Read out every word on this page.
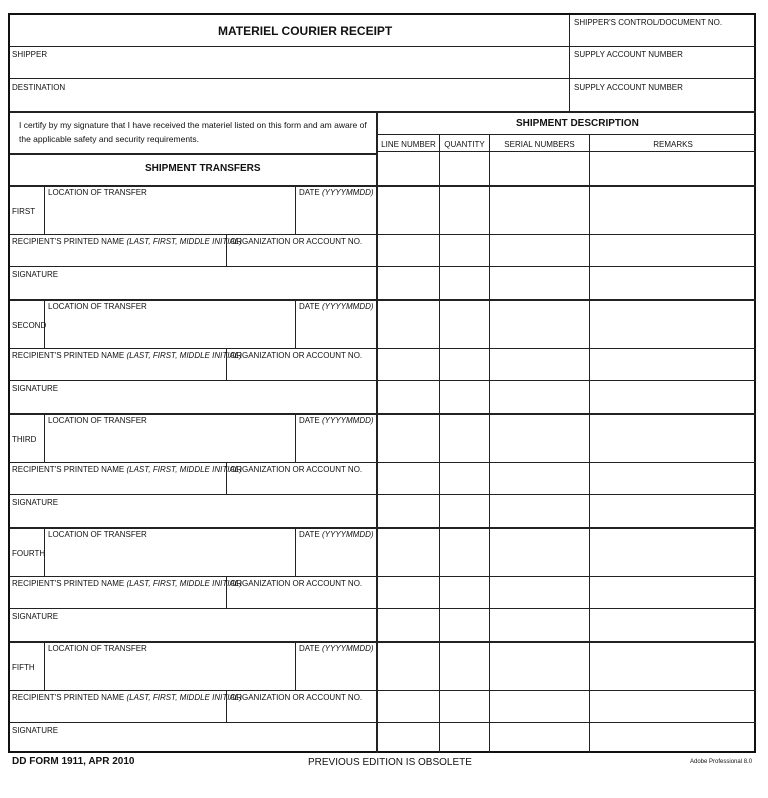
MATERIEL COURIER RECEIPT
SHIPPER'S CONTROL/DOCUMENT NO.
SHIPPER	SUPPLY ACCOUNT NUMBER
DESTINATION	SUPPLY ACCOUNT NUMBER
I certify by my signature that I have received the materiel listed on this form and am aware of the applicable safety and security requirements.
SHIPMENT DESCRIPTION
LINE NUMBER	QUANTITY	SERIAL NUMBERS	REMARKS
SHIPMENT TRANSFERS
FIRST
LOCATION OF TRANSFER	DATE (YYYYMMDD)
RECIPIENT'S PRINTED NAME (LAST, FIRST, MIDDLE INITIAL)
ORGANIZATION OR ACCOUNT NO.
SIGNATURE
SECOND
LOCATION OF TRANSFER	DATE (YYYYMMDD)
RECIPIENT'S PRINTED NAME (LAST, FIRST, MIDDLE INITIAL)
ORGANIZATION OR ACCOUNT NO.
SIGNATURE
THIRD
LOCATION OF TRANSFER	DATE (YYYYMMDD)
RECIPIENT'S PRINTED NAME (LAST, FIRST, MIDDLE INITIAL)
ORGANIZATION OR ACCOUNT NO.
SIGNATURE
FOURTH
LOCATION OF TRANSFER	DATE (YYYYMMDD)
RECIPIENT'S PRINTED NAME (LAST, FIRST, MIDDLE INITIAL)
ORGANIZATION OR ACCOUNT NO.
SIGNATURE
FIFTH
LOCATION OF TRANSFER	DATE (YYYYMMDD)
RECIPIENT'S PRINTED NAME (LAST, FIRST, MIDDLE INITIAL)
ORGANIZATION OR ACCOUNT NO.
SIGNATURE
DD FORM 1911, APR 2010	PREVIOUS EDITION IS OBSOLETE	Adobe Professional 8.0
